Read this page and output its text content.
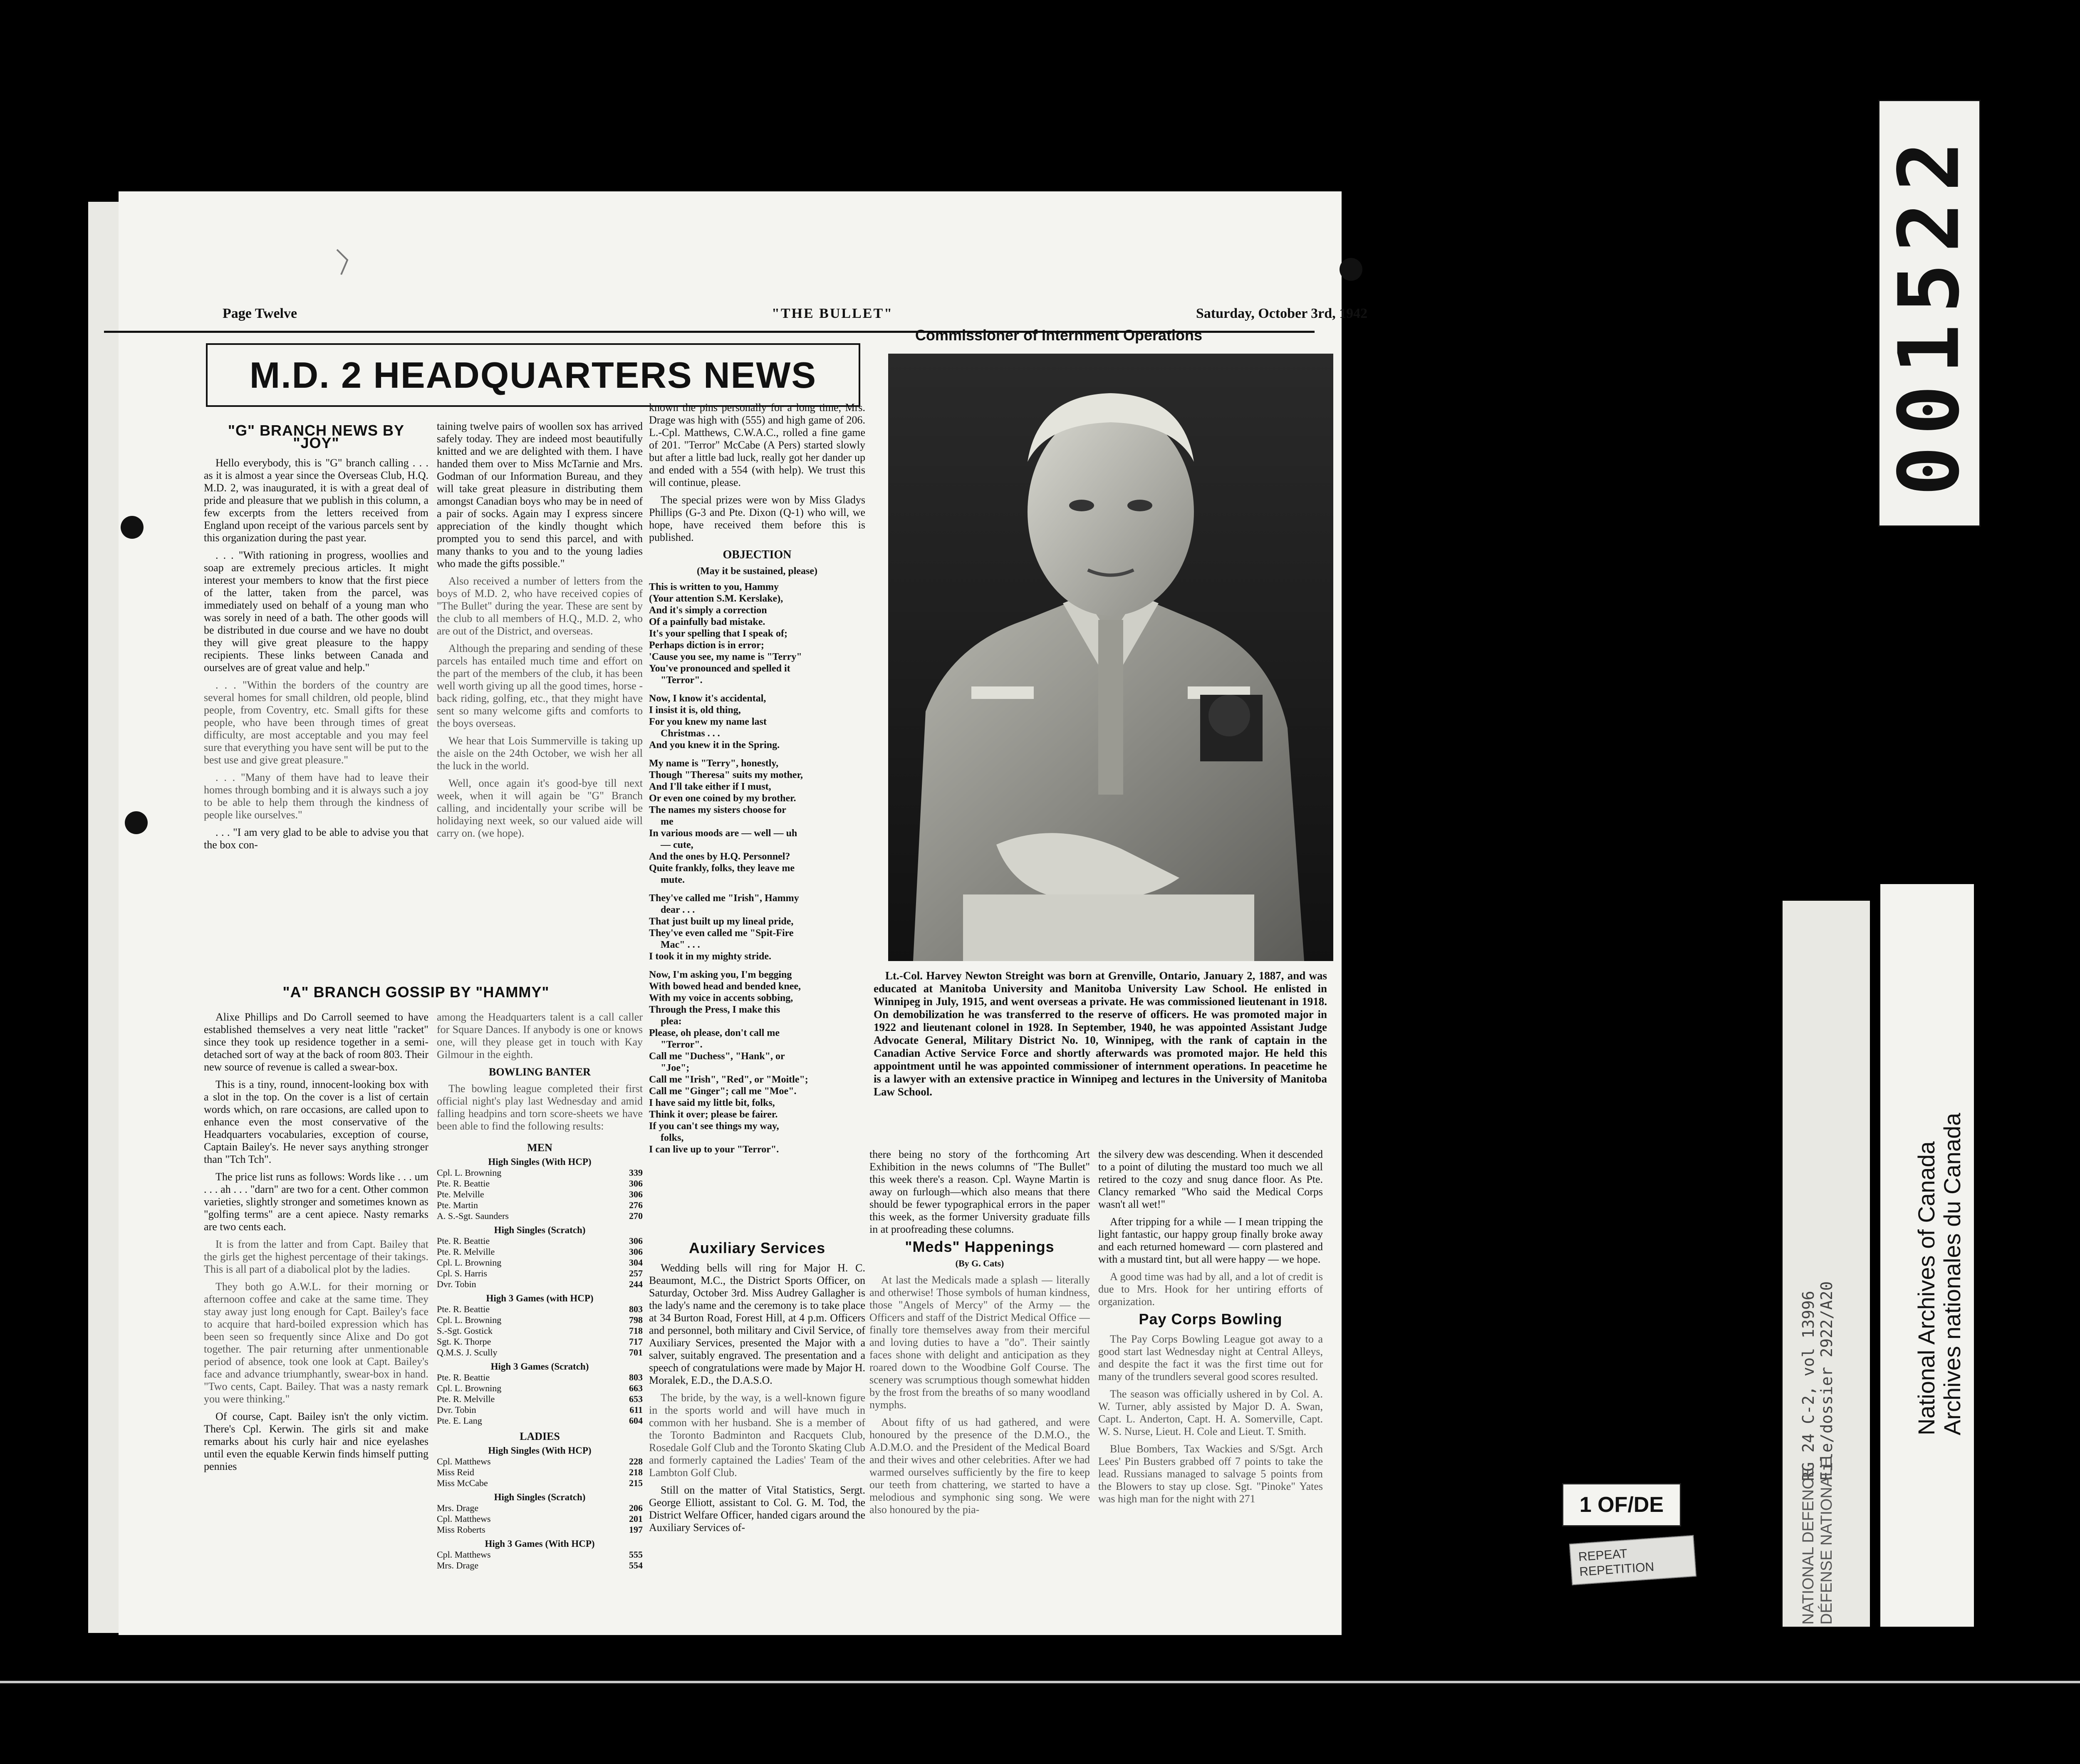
Page Twelve	"THE BULLET"	Saturday, October 3rd, 1942
M.D. 2 HEADQUARTERS NEWS
"G" BRANCH NEWS BY "JOY"

Hello everybody, this is "G" branch calling . . . as it is almost a year since the Overseas Club, H.Q. M.D. 2, was inaugurated, it is with a great deal of pride and pleasure that we publish in this column, a few excerpts from the letters received from England upon receipt of the various parcels sent by this organization during the past year.

. . . "With rationing in progress, woollies and soap are extremely precious articles. It might interest your members to know that the first piece of the latter, taken from the parcel, was immediately used on behalf of a young man who was sorely in need of a bath. The other goods will be distributed in due course and we have no doubt they will give great pleasure to the happy recipients. These links between Canada and ourselves are of great value and help."

. . . "Within the borders of the country are several homes for small children, old people, blind people, from Coventry, etc. Small gifts for these people, who have been through times of great difficulty, are most acceptable and you may feel sure that everything you have sent will be put to the best use and give great pleasure."

. . . "Many of them have had to leave their homes through bombing and it is always such a joy to be able to help them through the kindness of people like ourselves."

. . . "I am very glad to be able to advise you that the box con-

"A" BRANCH GOSSIP BY "HAMMY"

Alixe Phillips and Do Carroll seemed to have established themselves a very neat little "racket" since they took up residence together in a semi-detached sort of way at the back of room 803. Their new source of revenue is called a swear-box.

This is a tiny, round, innocent-looking box with a slot in the top. On the cover is a list of certain words which, on rare occasions, are called upon to enhance even the most conservative of the Headquarters vocabularies, exception of course, Captain Bailey's. He never says anything stronger than "Tch Tch".

The price list runs as follows: Words like . . . um . . . ah . . . "darn" are two for a cent. Other common varieties, slightly stronger and sometimes known as "golfing terms" are a cent apiece. Nasty remarks are two cents each.

It is from the latter and from Capt. Bailey that the girls get the highest percentage of their takings. This is all part of a diabolical plot by the ladies.

They both go A.W.L. for their morning or afternoon coffee and cake at the same time. They stay away just long enough for Capt. Bailey's face to acquire that hard-boiled expression which has been seen so frequently since Alixe and Do got together. The pair returning after unmentionable period of absence, took one look at Capt. Bailey's face and advance triumphantly, swear-box in hand. "Two cents, Capt. Bailey. That was a nasty remark you were thinking."

Of course, Capt. Bailey isn't the only victim. There's Cpl. Kerwin. The girls sit and make remarks about his curly hair and nice eyelashes until even the equable Kerwin finds himself putting pennies

taining twelve pairs of woollen sox has arrived safely today. They are indeed most beautifully knitted and we are delighted with them. I have handed them over to Miss McTarnie and Mrs. Godman of our Information Bureau, and they will take great pleasure in distributing them amongst Canadian boys who may be in need of a pair of socks. Again may I express sincere appreciation of the kindly thought which prompted you to send this parcel, and with many thanks to you and to the young ladies who made the gifts possible."

Also received a number of letters from the boys of M.D. 2, who have received copies of "The Bullet" during the year. These are sent by the club to all members of H.Q., M.D. 2, who are out of the District, and overseas.

Although the preparing and sending of these parcels has entailed much time and effort on the part of the members of the club, it has been well worth giving up all the good times, horse - back riding, golfing, etc., that they might have sent so many welcome gifts and comforts to the boys overseas.

We hear that Lois Summerville is taking up the aisle on the 24th October, we wish her all the luck in the world.

Well, once again it's good-bye till next week, when it will again be "G" Branch calling, and incidentally your scribe will be holidaying next week, so our valued aide will carry on. (we hope).

among the Headquarters talent is a call caller for Square Dances. If anybody is one or knows one, will they please get in touch with Kay Gilmour in the eighth.

BOWLING BANTER

The bowling league completed their first official night's play last Wednesday and amid falling headpins and torn score-sheets we have been able to find the following results:

MEN	
High Singles (With HCP)	
Cpl. L. Browning	339
Pte. R. Beattie	306
Pte. Melville	306
Pte. Martin	276
A. S.-Sgt. Saunders	270
High Singles (Scratch)	
Pte. R. Beattie	306
Pte. R. Melville	306
Cpl. L. Browning	304
Cpl. S. Harris	257
Dvr. Tobin	244
High 3 Games (with HCP)	
Pte. R. Beattie	803
Cpl. L. Browning	798
S.-Sgt. Gostick	718
Sgt. K. Thorpe	717
Q.M.S. J. Scully	701
High 3 Games (Scratch)	
Pte. R. Beattie	803
Cpl. L. Browning	663
Pte. R. Melville	653
Dvr. Tobin	611
Pte. E. Lang	604
LADIES	
High Singles (With HCP)	
Cpl. Matthews	228
Miss Reid	218
Miss McCabe	215
High Singles (Scratch)	
Mrs. Drage	206
Cpl. Matthews	201
Miss Roberts	197
High 3 Games (With HCP)	
Cpl. Matthews	555
Mrs. Drage	554

known the pins personally for a long time, Mrs. Drage was high with (555) and high game of 206. L.-Cpl. Matthews, C.W.A.C., rolled a fine game of 201. "Terror" McCabe (A Pers) started slowly but after a little bad luck, really got her dander up and ended with a 554 (with help). We trust this will continue, please.

The special prizes were won by Miss Gladys Phillips (G-3 and Pte. Dixon (Q-1) who will, we hope, have received them before this is published.

OBJECTION
(May it be sustained, please)
This is written to you, Hammy
(Your attention S.M. Kerslake),
And it's simply a correction
Of a painfully bad mistake.
It's your spelling that I speak of;
Perhaps diction is in error;
'Cause you see, my name is "Terry"
You've pronounced and spelled it
"Terror".
Now, I know it's accidental,
I insist it is, old thing,
For you knew my name last
Christmas . . .
And you knew it in the Spring.
My name is "Terry", honestly,
Though "Theresa" suits my mother,
And I'll take either if I must,
Or even one coined by my brother.
The names my sisters choose for
me
In various moods are — well — uh
— cute,
And the ones by H.Q. Personnel?
Quite frankly, folks, they leave me
mute.
They've called me "Irish", Hammy
dear . . .
That just built up my lineal pride,
They've even called me "Spit-Fire
Mac" . . .
I took it in my mighty stride.
Now, I'm asking you, I'm begging
With bowed head and bended knee,
With my voice in accents sobbing,
Through the Press, I make this
plea:
Please, oh please, don't call me
"Terror".
Call me "Duchess", "Hank", or
"Joe";
Call me "Irish", "Red", or "Moitle";
Call me "Ginger"; call me "Moe".
I have said my little bit, folks,
Think it over; please be fairer.
If you can't see things my way,
folks,
I can live up to your "Terror".
Auxiliary Services

Wedding bells will ring for Major H. C. Beaumont, M.C., the District Sports Officer, on Saturday, October 3rd. Miss Audrey Gallagher is the lady's name and the ceremony is to take place at 34 Burton Road, Forest Hill, at 4 p.m. Officers and personnel, both military and Civil Service, of Auxiliary Services, presented the Major with a salver, suitably engraved. The presentation and a speech of congratulations were made by Major H. Moralek, E.D., the D.A.S.O.

The bride, by the way, is a well-known figure in the sports world and will have much in common with her husband. She is a member of the Toronto Badminton and Racquets Club, Rosedale Golf Club and the Toronto Skating Club and formerly captained the Ladies' Team of the Lambton Golf Club.

Still on the matter of Vital Statistics, Sergt. George Elliott, assistant to Col. G. M. Tod, the District Welfare Officer, handed cigars around the Auxiliary Services of-

Commissioner of Internment Operations

Lt.-Col. Harvey Newton Streight was born at Grenville, Ontario, January 2, 1887, and was educated at Manitoba University and Manitoba University Law School. He enlisted in Winnipeg in July, 1915, and went overseas a private. He was commissioned lieutenant in 1918. On demobilization he was transferred to the reserve of officers. He was promoted major in 1922 and lieutenant colonel in 1928. In September, 1940, he was appointed Assistant Judge Advocate General, Military District No. 10, Winnipeg, with the rank of captain in the Canadian Active Service Force and shortly afterwards was promoted major. He held this appointment until he was appointed commissioner of internment operations. In peacetime he is a lawyer with an extensive practice in Winnipeg and lectures in the University of Manitoba Law School.

there being no story of the forthcoming Art Exhibition in the news columns of "The Bullet" this week there's a reason. Cpl. Wayne Martin is away on furlough—which also means that there should be fewer typographical errors in the paper this week, as the former University graduate fills in at proofreading these columns.

"Meds" Happenings
(By G. Cats)

At last the Medicals made a splash — literally and otherwise! Those symbols of human kindness, those "Angels of Mercy" of the Army — the Officers and staff of the District Medical Office — finally tore themselves away from their merciful and loving duties to have a "do". Their saintly faces shone with delight and anticipation as they roared down to the Woodbine Golf Course. The scenery was scrumptious though somewhat hidden by the frost from the breaths of so many woodland nymphs.

About fifty of us had gathered, and were honoured by the presence of the D.M.O., the A.D.M.O. and the President of the Medical Board and their wives and other celebrities. After we had warmed ourselves sufficiently by the fire to keep our teeth from chattering, we started to have a melodious and symphonic sing song. We were also honoured by the pia-

the silvery dew was descending. When it descended to a point of diluting the mustard too much we all retired to the cozy and snug dance floor. As Pte. Clancy remarked "Who said the Medical Corps wasn't all wet!"

After tripping for a while — I mean tripping the light fantastic, our happy group finally broke away and each returned homeward — corn plastered and with a mustard tint, but all were happy — we hope.

A good time was had by all, and a lot of credit is due to Mrs. Hook for her untiring efforts of organization.

Pay Corps Bowling

The Pay Corps Bowling League got away to a good start last Wednesday night at Central Alleys, and despite the fact it was the first time out for many of the trundlers several good scores resulted.

The season was officially ushered in by Col. A. W. Turner, ably assisted by Major D. A. Swan, Capt. L. Anderton, Capt. H. A. Somerville, Capt. W. S. Nurse, Lieut. H. Cole and Lieut. T. Smith.

Blue Bombers, Tax Wackies and S/Sgt. Arch Lees' Pin Busters grabbed off 7 points to take the lead. Russians managed to salvage 5 points from the Blowers to stay up close. Sgt. "Pinoke" Yates was high man for the night with 271

001522
1 OF/DE
REPEAT
REPETITION
RG 24 C-2, vol 13996 File/dossier 2922/A20
NATIONAL DEFENCE DÉFENSE NATIONALE
National Archives of Canada Archives nationales du Canada
